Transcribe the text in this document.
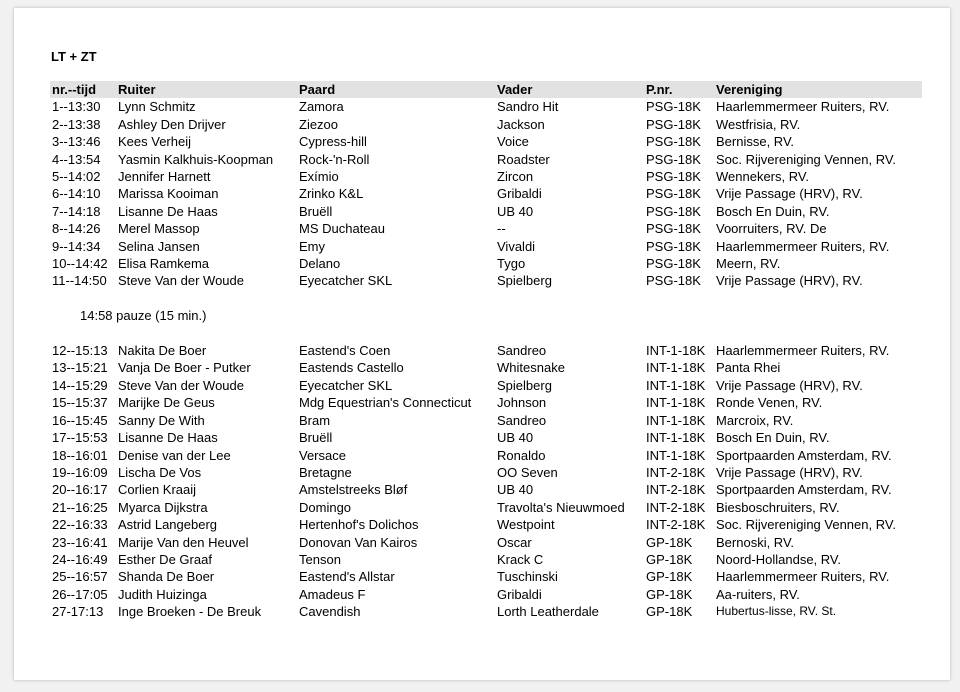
LT + ZT
nr.--tijd	Ruiter	Paard	Vader	P.nr.	Vereniging
1--13:30	Lynn Schmitz	Zamora	Sandro Hit	PSG-18K	Haarlemmermeer Ruiters, RV.
2--13:38	Ashley Den Drijver	Ziezoo	Jackson	PSG-18K	Westfrisia, RV.
3--13:46	Kees Verheij	Cypress-hill	Voice	PSG-18K	Bernisse, RV.
4--13:54	Yasmin Kalkhuis-Koopman	Rock-'n-Roll	Roadster	PSG-18K	Soc. Rijvereniging Vennen, RV.
5--14:02	Jennifer Harnett	Exímio	Zircon	PSG-18K	Wennekers, RV.
6--14:10	Marissa Kooiman	Zrinko K&L	Gribaldi	PSG-18K	Vrije Passage (HRV), RV.
7--14:18	Lisanne De Haas	Bruëll	UB 40	PSG-18K	Bosch En Duin, RV.
8--14:26	Merel Massop	MS Duchateau	--	PSG-18K	Voorruiters, RV. De
9--14:34	Selina Jansen	Emy	Vivaldi	PSG-18K	Haarlemmermeer Ruiters, RV.
10--14:42	Elisa Ramkema	Delano	Tygo	PSG-18K	Meern, RV.
11--14:50	Steve Van der Woude	Eyecatcher SKL	Spielberg	PSG-18K	Vrije Passage (HRV), RV.

14:58 pauze (15 min.)					

12--15:13	Nakita De Boer	Eastend's Coen	Sandreo	INT-1-18K	Haarlemmermeer Ruiters, RV.
13--15:21	Vanja De Boer - Putker	Eastends Castello	Whitesnake	INT-1-18K	Panta Rhei
14--15:29	Steve Van der Woude	Eyecatcher SKL	Spielberg	INT-1-18K	Vrije Passage (HRV), RV.
15--15:37	Marijke De Geus	Mdg Equestrian's Connecticut	Johnson	INT-1-18K	Ronde Venen, RV.
16--15:45	Sanny De With	Bram	Sandreo	INT-1-18K	Marcroix, RV.
17--15:53	Lisanne De Haas	Bruëll	UB 40	INT-1-18K	Bosch En Duin, RV.
18--16:01	Denise van der Lee	Versace	Ronaldo	INT-1-18K	Sportpaarden Amsterdam, RV.
19--16:09	Lischa De Vos	Bretagne	OO Seven	INT-2-18K	Vrije Passage (HRV), RV.
20--16:17	Corlien Kraaij	Amstelstreeks Bløf	UB 40	INT-2-18K	Sportpaarden Amsterdam, RV.
21--16:25	Myarca Dijkstra	Domingo	Travolta's Nieuwmoed	INT-2-18K	Biesboschruiters, RV.
22--16:33	Astrid Langeberg	Hertenhof's Dolichos	Westpoint	INT-2-18K	Soc. Rijvereniging Vennen, RV.
23--16:41	Marije Van den Heuvel	Donovan Van Kairos	Oscar	GP-18K	Bernoski, RV.
24--16:49	Esther De Graaf	Tenson	Krack C	GP-18K	Noord-Hollandse, RV.
25--16:57	Shanda De Boer	Eastend's Allstar	Tuschinski	GP-18K	Haarlemmermeer Ruiters, RV.
26--17:05	Judith Huizinga	Amadeus F	Gribaldi	GP-18K	Aa-ruiters, RV.
27-17:13	Inge Broeken - De Breuk	Cavendish	Lorth Leatherdale	GP-18K	Hubertus-lisse, RV. St.
